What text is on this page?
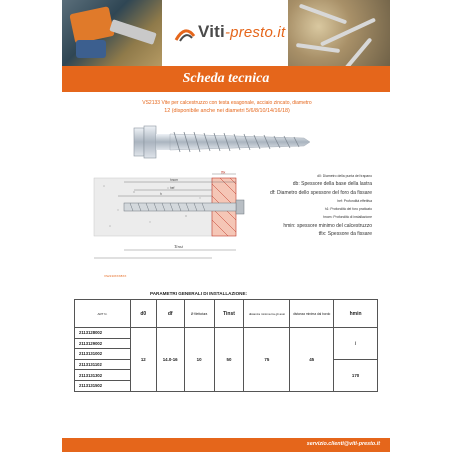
Viti-presto.it
Scheda tecnica
VS2133 Vite per calcestruzzo con testa esagonale, acciaio zincato, diametro
12 (disponibile anche nei diametri 5/6/8/10/14/16/18)
tfix
hnom
hef
h
Tinst
d0: Diametro della punta del trapano
db: Spessore della base della lastra
df: Diametro dello spessore del foro da fissare
hef: Profondità effettiva
h1: Profondità del foro praticato
hnom: Profondità di installazione
hmin: spessore minimo del calcestruzzo
tfix: Spessore da fissare
VS2133XXX8XX
PARAMETRI GENERALI DI INSTALLAZIONE:
ART N.	d0	df	Ø filettatura	Tinst	distanza minima tra gli assi	distanza minima dal bordo	hmin
2113128002	12	14.0-16	10	50	75	45	/
2113129002							
2113131002							
2113131102							170
2113131302							
2113131502							
servizio.clienti@viti-presto.it
